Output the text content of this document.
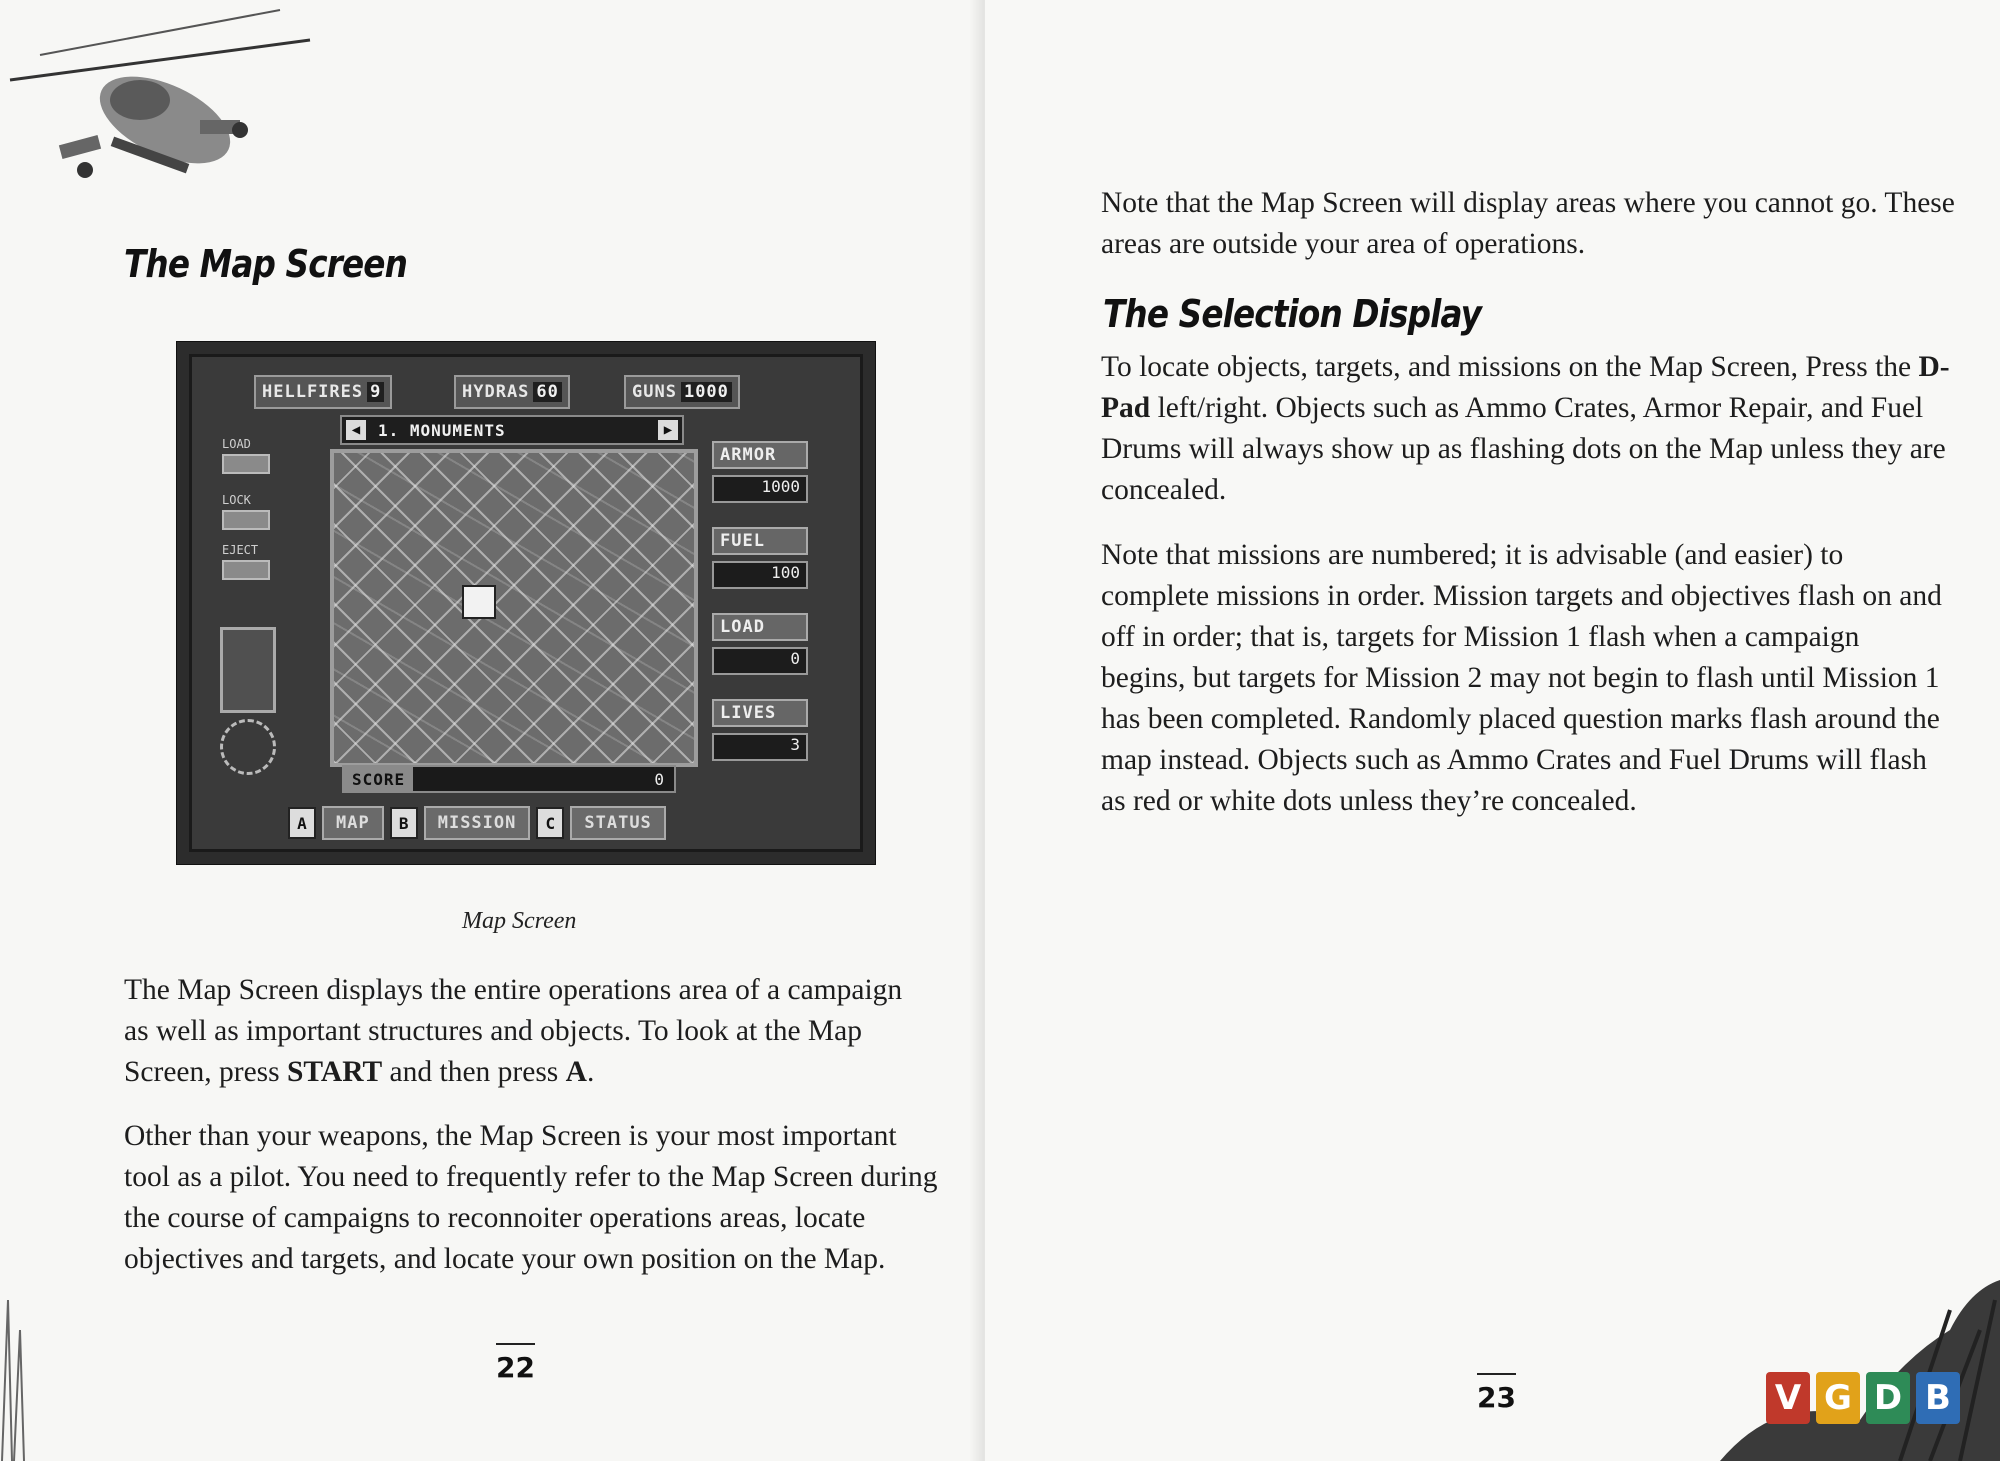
The Map Screen
HELLFIRES 9	HYDRAS 60	GUNS 1000
◀	1. MONUMENTS	▶
LOAD
LOCK
EJECT
ARMOR
1000
FUEL
100
LOAD
0
LIVES
3
SCORE	0
A	MAP	B	MISSION	C	STATUS
Map Screen

The Map Screen displays the entire operations area of a campaign as well as important structures and objects. To look at the Map Screen, press START and then press A.

Other than your weapons, the Map Screen is your most important tool as a pilot. You need to frequently refer to the Map Screen during the course of campaigns to reconnoiter operations areas, locate objectives and targets, and locate your own position on the Map.

22

Note that the Map Screen will display areas where you cannot go. These areas are outside your area of operations.

The Selection Display

To locate objects, targets, and missions on the Map Screen, Press the D-Pad left/right. Objects such as Ammo Crates, Armor Repair, and Fuel Drums will always show up as flashing dots on the Map unless they are concealed.

Note that missions are numbered; it is advisable (and easier) to complete missions in order. Mission targets and objectives flash on and off in order; that is, targets for Mission 1 flash when a campaign begins, but targets for Mission 2 may not begin to flash until Mission 1 has been completed. Randomly placed question marks flash around the map instead. Objects such as Ammo Crates and Fuel Drums will flash as red or white dots unless they’re concealed.

23	V G D B
